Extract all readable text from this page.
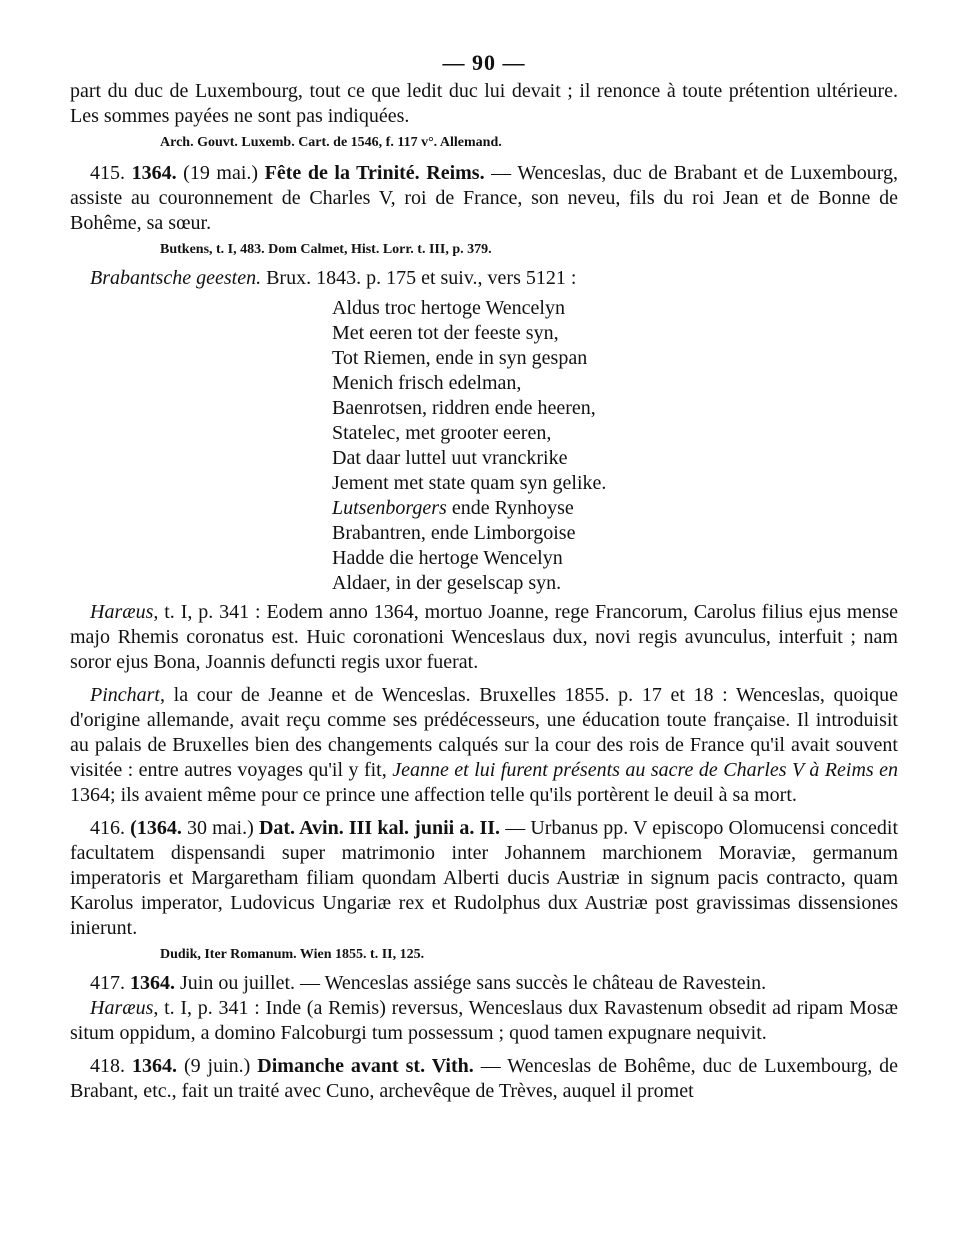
— 90 —

part du duc de Luxembourg, tout ce que ledit duc lui devait ; il renonce à toute prétention ultérieure. Les sommes payées ne sont pas indiquées.

Arch. Gouvt. Luxemb. Cart. de 1546, f. 117 v°. Allemand.

415. 1364. (19 mai.) Fête de la Trinité. Reims. — Wenceslas, duc de Brabant et de Luxembourg, assiste au couronnement de Charles V, roi de France, son neveu, fils du roi Jean et de Bonne de Bohême, sa sœur.

Butkens, t. I, 483. Dom Calmet, Hist. Lorr. t. III, p. 379.

Brabantsche geesten. Brux. 1843. p. 175 et suiv., vers 5121 :

Aldus troc hertoge Wencelyn
Met eeren tot der feeste syn,
Tot Riemen, ende in syn gespan
Menich frisch edelman,
Baenrotsen, riddren ende heeren,
Statelec, met grooter eeren,
Dat daar luttel uut vranckrike
Jement met state quam syn gelike.
Lutsenborgers ende Rynhoyse
Brabantren, ende Limborgoise
Hadde die hertoge Wencelyn
Aldaer, in der geselscap syn.

Haræus, t. I, p. 341 : Eodem anno 1364, mortuo Joanne, rege Francorum, Carolus filius ejus mense majo Rhemis coronatus est. Huic coronationi Wenceslaus dux, novi regis avunculus, interfuit ; nam soror ejus Bona, Joannis defuncti regis uxor fuerat.

Pinchart, la cour de Jeanne et de Wenceslas. Bruxelles 1855. p. 17 et 18 : Wenceslas, quoique d'origine allemande, avait reçu comme ses prédécesseurs, une éducation toute française. Il introduisit au palais de Bruxelles bien des changements calqués sur la cour des rois de France qu'il avait souvent visitée : entre autres voyages qu'il y fit, Jeanne et lui furent présents au sacre de Charles V à Reims en 1364; ils avaient même pour ce prince une affection telle qu'ils portèrent le deuil à sa mort.

416. (1364. 30 mai.) Dat. Avin. III kal. junii a. II. — Urbanus pp. V episcopo Olomucensi concedit facultatem dispensandi super matrimonio inter Johannem marchionem Moraviæ, germanum imperatoris et Margaretham filiam quondam Alberti ducis Austriæ in signum pacis contracto, quam Karolus imperator, Ludovicus Ungariæ rex et Rudolphus dux Austriæ post gravissimas dissensiones inierunt.

Dudik, Iter Romanum. Wien 1855. t. II, 125.

417. 1364. Juin ou juillet. — Wenceslas assiége sans succès le château de Ravestein.

Haræus, t. I, p. 341 : Inde (a Remis) reversus, Wenceslaus dux Ravastenum obsedit ad ripam Mosæ situm oppidum, a domino Falcoburgi tum possessum ; quod tamen expugnare nequivit.

418. 1364. (9 juin.) Dimanche avant st. Vith. — Wenceslas de Bohême, duc de Luxembourg, de Brabant, etc., fait un traité avec Cuno, archevêque de Trèves, auquel il promet
